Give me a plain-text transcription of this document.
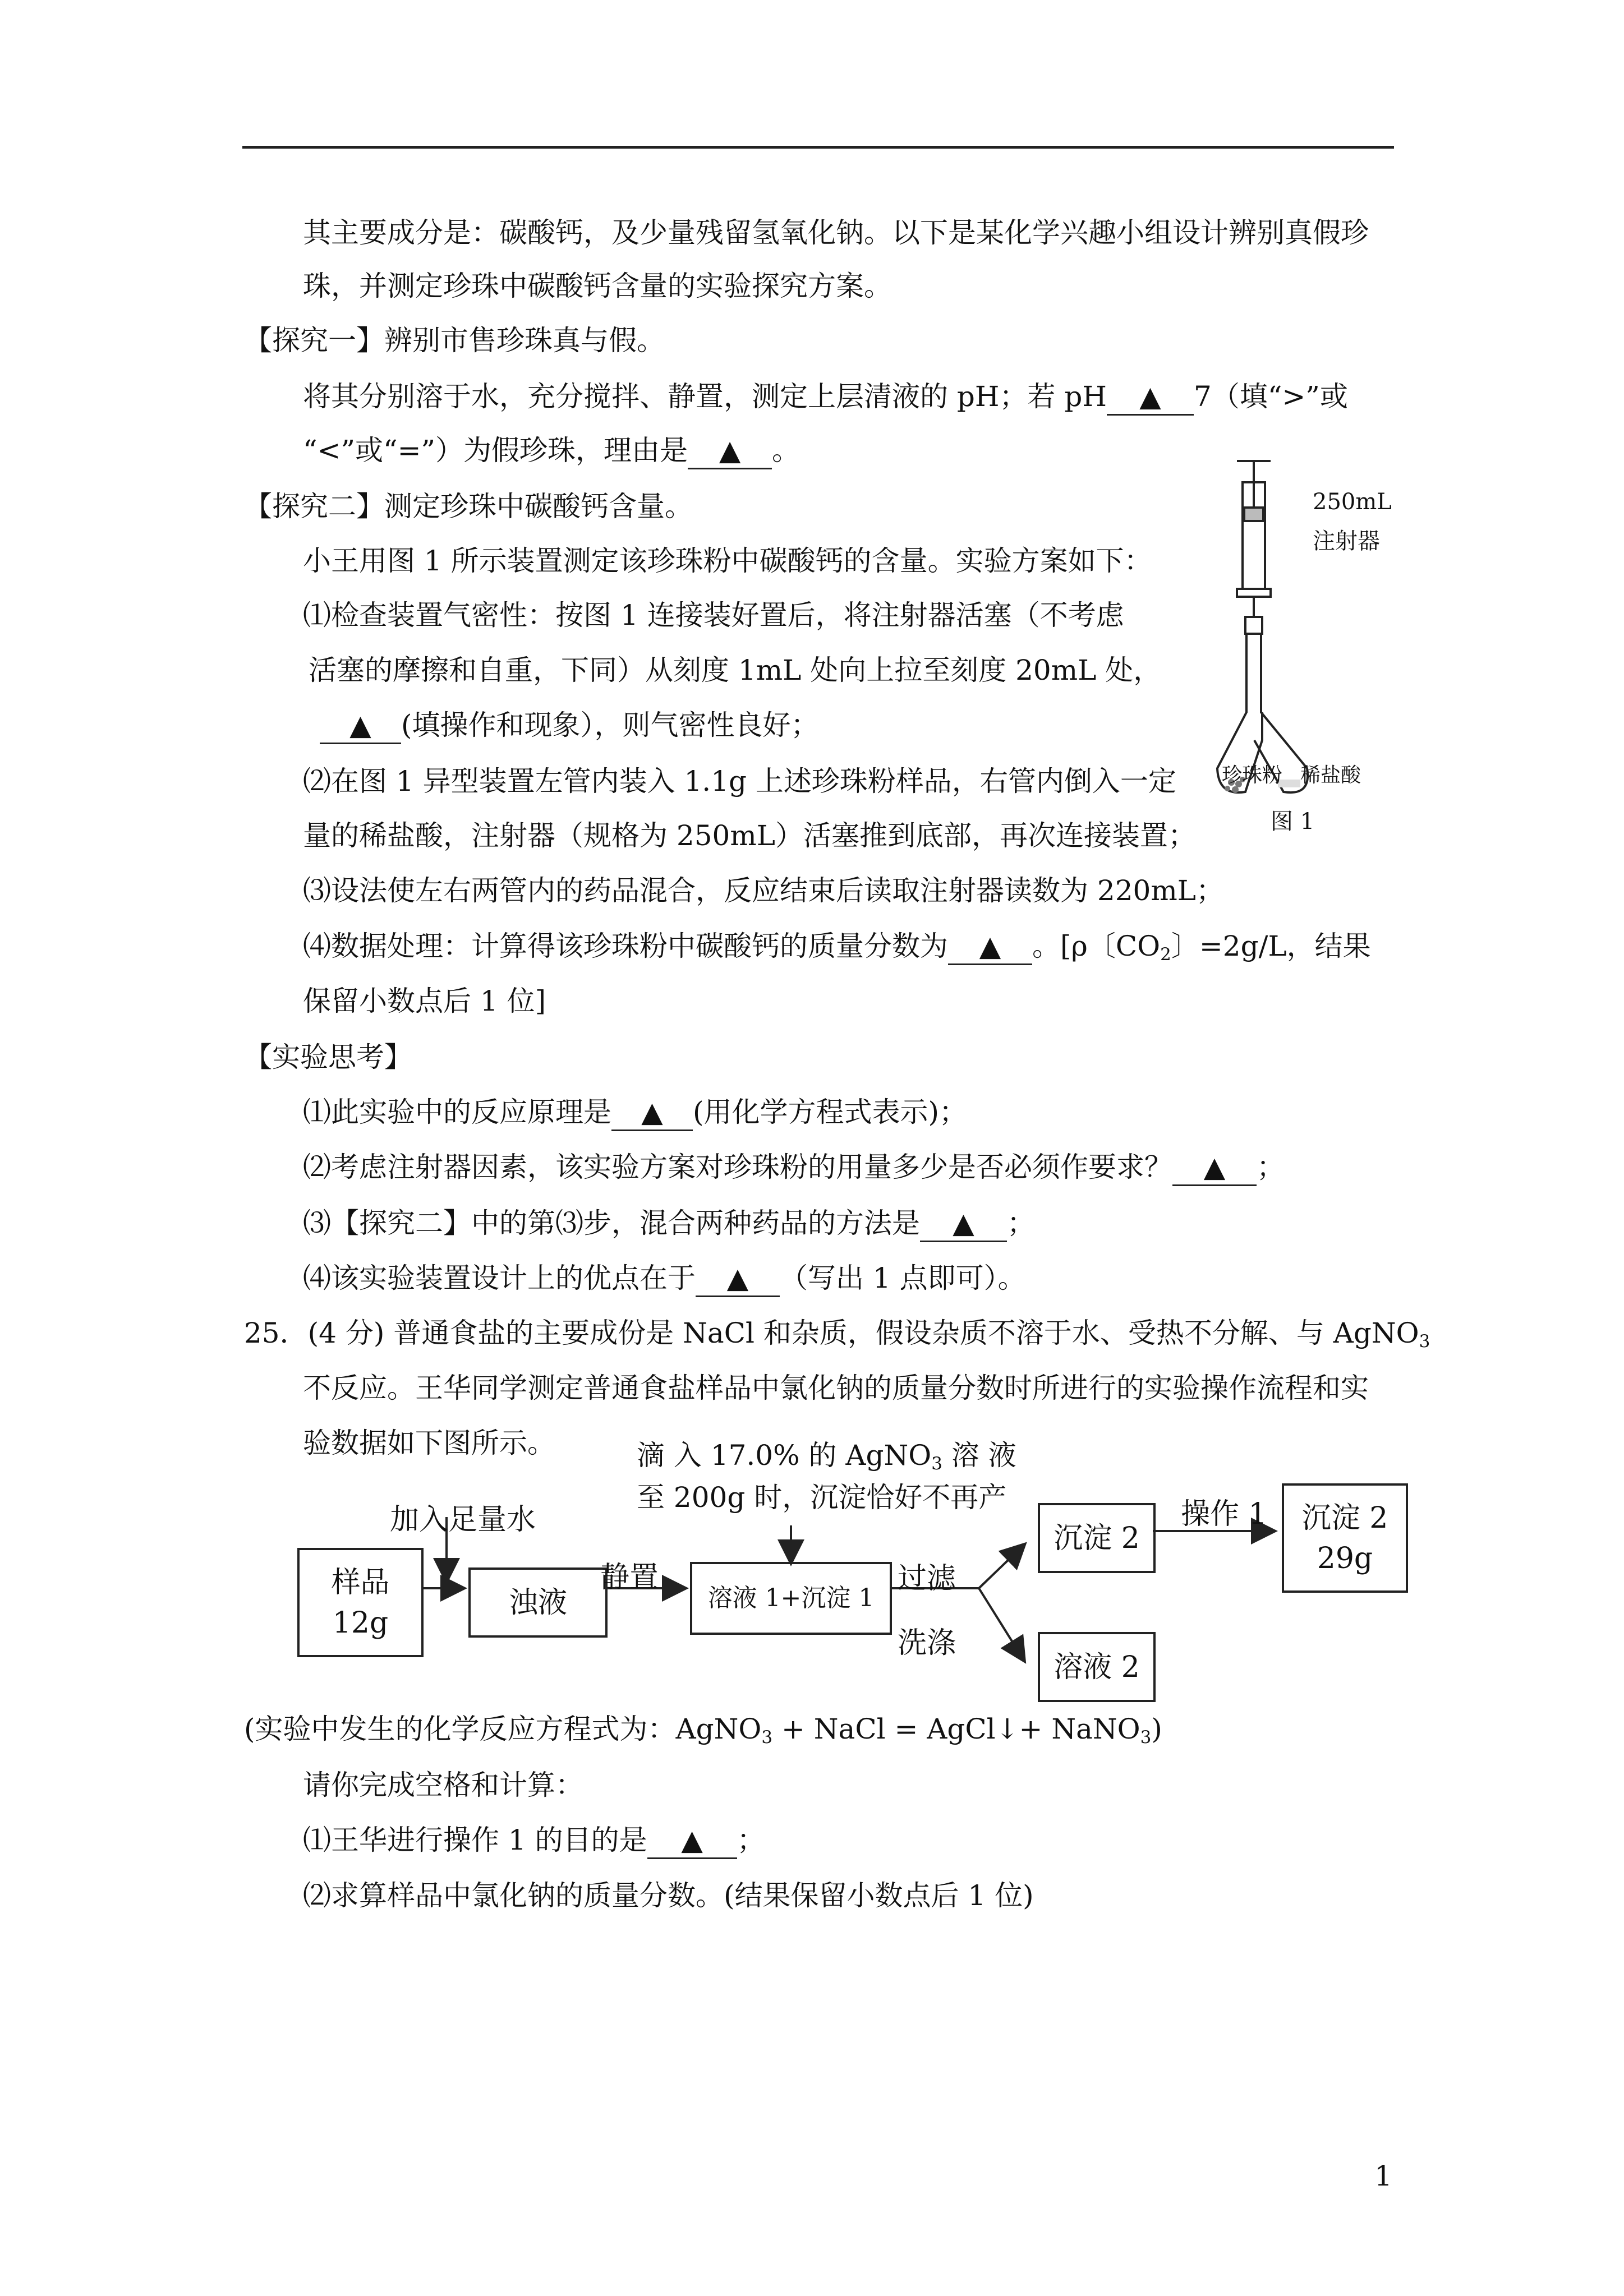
其主要成分是：碳酸钙，及少量残留氢氧化钠。以下是某化学兴趣小组设计辨别真假珍
珠，并测定珍珠中碳酸钙含量的实验探究方案。
【探究一】辨别市售珍珠真与假。
将其分别溶于水，充分搅拌、静置，测定上层清液的 pH；若 pH ▲ 7（填“>”或
“<”或“=”）为假珍珠，理由是 ▲ 。
【探究二】测定珍珠中碳酸钙含量。
小王用图 1 所示装置测定该珍珠粉中碳酸钙的含量。实验方案如下：
⑴检查装置气密性：按图 1 连接装好置后，将注射器活塞（不考虑
活塞的摩擦和自重，下同）从刻度 1mL 处向上拉至刻度 20mL 处，
▲ (填操作和现象），则气密性良好；
⑵在图 1 异型装置左管内装入 1.1g 上述珍珠粉样品，右管内倒入一定
量的稀盐酸，注射器（规格为 250mL）活塞推到底部，再次连接装置；
⑶设法使左右两管内的药品混合，反应结束后读取注射器读数为 220mL；
⑷数据处理：计算得该珍珠粉中碳酸钙的质量分数为 ▲ 。[ρ〔$CO_2$〕=2g/L，结果
保留小数点后 1 位]
250mL
注射器
珍珠粉 稀盐酸
图 1
【实验思考】
⑴此实验中的反应原理是 ▲ (用化学方程式表示)；
⑵考虑注射器因素，该实验方案对珍珠粉的用量多少是否必须作要求？ ▲ ；
⑶【探究二】中的第⑶步，混合两种药品的方法是 ▲ ；
⑷该实验装置设计上的优点在于 ▲ （写出 1 点即可）。
25．(4 分) 普通食盐的主要成份是 NaCl 和杂质，假设杂质不溶于水、受热不分解、与 AgNO$_3$
不反应。王华同学测定普通食盐样品中氯化钠的质量分数时所进行的实验操作流程和实
验数据如下图所示。
样品
12g
加入足量水
浊液
静置
滴 入 17.0% 的 AgNO$_3$ 溶 液
至 200g 时，沉淀恰好不再产
溶液 1+沉淀 1
过滤
洗涤
沉淀 2
操作 1 沉淀 2
29g
溶液 2
(实验中发生的化学反应方程式为：AgNO$_3$ + NaCl = AgCl↓+ NaNO$_3$)
请你完成空格和计算：
⑴王华进行操作 1 的目的是 ▲ ；
⑵求算样品中氯化钠的质量分数。(结果保留小数点后 1 位)
1
